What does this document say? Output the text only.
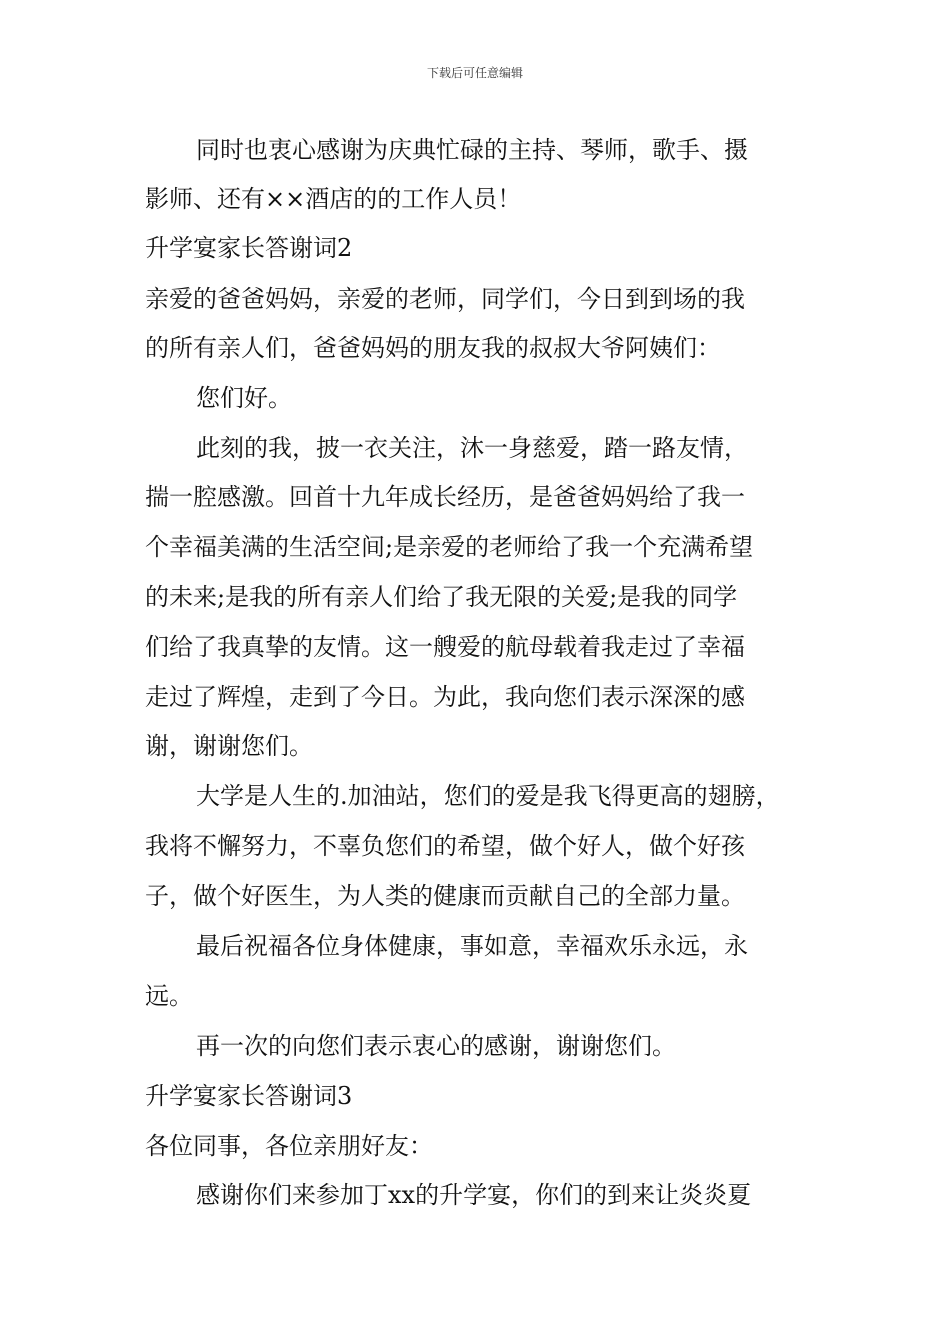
下载后可任意编辑
同时也衷心感谢为庆典忙碌的主持、琴师，歌手、摄
影师、还有××酒店的的工作人员！
升学宴家长答谢词2
亲爱的爸爸妈妈，亲爱的老师，同学们，今日到到场的我
的所有亲人们，爸爸妈妈的朋友我的叔叔大爷阿姨们：
您们好。
此刻的我，披一衣关注，沐一身慈爱，踏一路友情，
揣一腔感激。回首十九年成长经历，是爸爸妈妈给了我一
个幸福美满的生活空间;是亲爱的老师给了我一个充满希望
的未来;是我的所有亲人们给了我无限的关爱;是我的同学
们给了我真挚的友情。这一艘爱的航母载着我走过了幸福
走过了辉煌，走到了今日。为此，我向您们表示深深的感
谢，谢谢您们。
大学是人生的.加油站，您们的爱是我飞得更高的翅膀，
我将不懈努力，不辜负您们的希望，做个好人，做个好孩
子，做个好医生，为人类的健康而贡献自己的全部力量。
最后祝福各位身体健康，事如意，幸福欢乐永远，永
远。
再一次的向您们表示衷心的感谢，谢谢您们。
升学宴家长答谢词3
各位同事，各位亲朋好友：
感谢你们来参加丁xx的升学宴，你们的到来让炎炎夏
